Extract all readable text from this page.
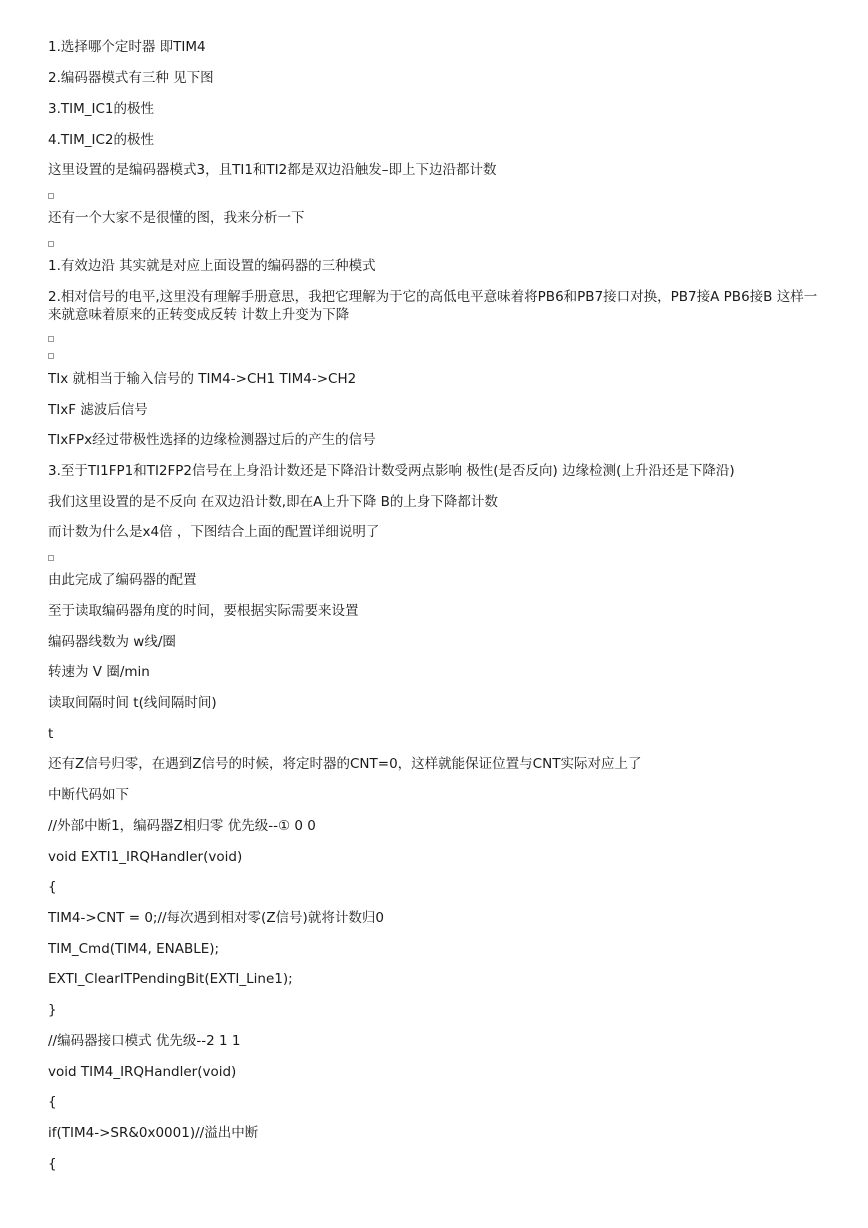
1.选择哪个定时器 即TIM4

2.编码器模式有三种 见下图

3.TIM_IC1的极性

4.TIM_IC2的极性

这里设置的是编码器模式3，且TI1和TI2都是双边沿触发–即上下边沿都计数

还有一个大家不是很懂的图，我来分析一下

1.有效边沿 其实就是对应上面设置的编码器的三种模式

2.相对信号的电平,这里没有理解手册意思，我把它理解为于它的高低电平意味着将PB6和PB7接口对换，PB7接A PB6接B 这样一来就意味着原来的正转变成反转 计数上升变为下降

TIx 就相当于输入信号的 TIM4->CH1 TIM4->CH2

TIxF 滤波后信号

TIxFPx经过带极性选择的边缘检测器过后的产生的信号

3.至于TI1FP1和TI2FP2信号在上身沿计数还是下降沿计数受两点影响 极性(是否反向) 边缘检测(上升沿还是下降沿)

我们这里设置的是不反向 在双边沿计数,即在A上升下降 B的上身下降都计数

而计数为什么是x4倍 ，下图结合上面的配置详细说明了

由此完成了编码器的配置

至于读取编码器角度的时间，要根据实际需要来设置

编码器线数为 w线/圈

转速为 V 圈/min

读取间隔时间 t(线间隔时间)

t

还有Z信号归零，在遇到Z信号的时候，将定时器的CNT=0，这样就能保证位置与CNT实际对应上了

中断代码如下

//外部中断1，编码器Z相归零 优先级--① 0 0

void EXTI1_IRQHandler(void)

{

TIM4->CNT = 0;//每次遇到相对零(Z信号)就将计数归0

TIM_Cmd(TIM4, ENABLE);

EXTI_ClearITPendingBit(EXTI_Line1);

}

//编码器接口模式 优先级--2 1 1

void TIM4_IRQHandler(void)

{

if(TIM4->SR&0x0001)//溢出中断

{
